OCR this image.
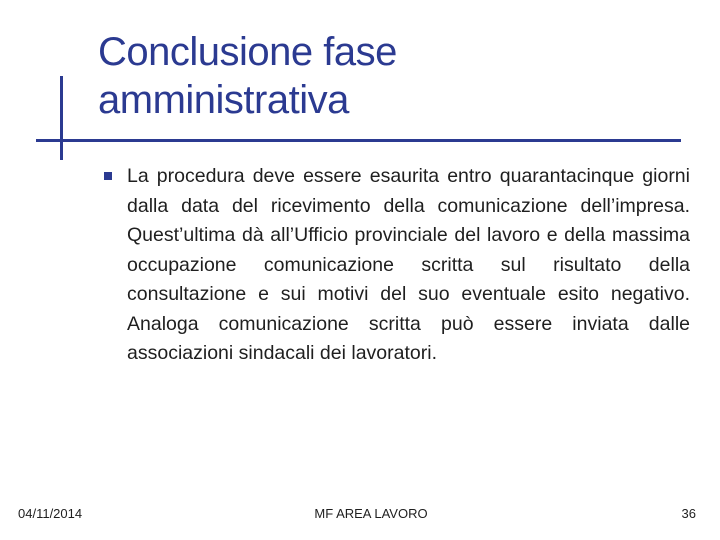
Conclusione fase amministrativa
La procedura deve essere esaurita entro quarantacinque giorni dalla data del ricevimento della comunicazione dell’impresa. Quest’ultima dà all’Ufficio provinciale del lavoro e della massima occupazione comunicazione scritta sul risultato della consultazione e sui motivi del suo eventuale esito negativo. Analoga comunicazione scritta può essere inviata dalle associazioni sindacali dei lavoratori.
04/11/2014	MF AREA LAVORO	36
